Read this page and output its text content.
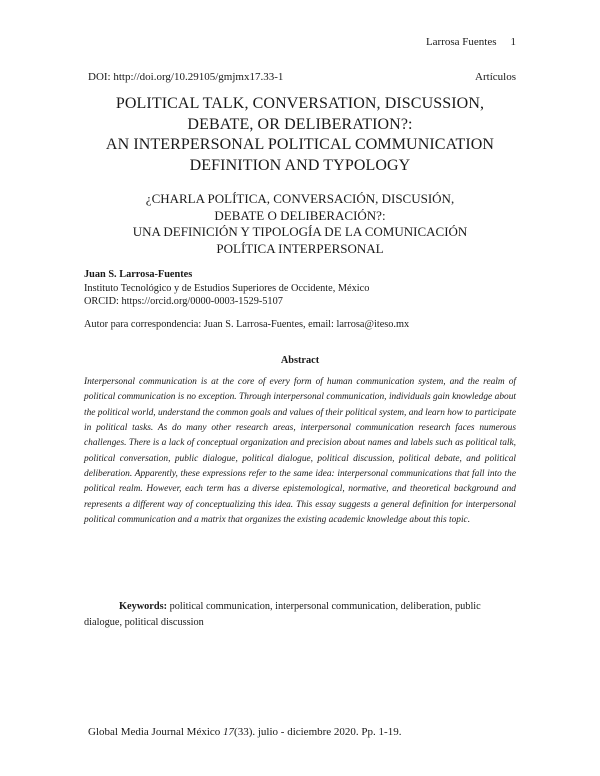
Larrosa Fuentes 1
DOI: http://doi.org/10.29105/gmjmx17.33-1	Artículos
POLITICAL TALK, CONVERSATION, DISCUSSION,
DEBATE, OR DELIBERATION?:
AN INTERPERSONAL POLITICAL COMMUNICATION
DEFINITION AND TYPOLOGY
¿CHARLA POLÍTICA, CONVERSACIÓN, DISCUSIÓN,
DEBATE O DELIBERACIÓN?:
UNA DEFINICIÓN Y TIPOLOGÍA DE LA COMUNICACIÓN
POLÍTICA INTERPERSONAL
Juan S. Larrosa-Fuentes
Instituto Tecnológico y de Estudios Superiores de Occidente, México
ORCID: https://orcid.org/0000-0003-1529-5107
Autor para correspondencia: Juan S. Larrosa-Fuentes, email: larrosa@iteso.mx
Abstract
Interpersonal communication is at the core of every form of human communication system, and the realm of political communication is no exception. Through interpersonal communication, individuals gain knowledge about the political world, understand the common goals and values of their political system, and learn how to participate in political tasks. As do many other research areas, interpersonal communication research faces numerous challenges. There is a lack of conceptual organization and precision about names and labels such as political talk, political conversation, public dialogue, political dialogue, political discussion, political debate, and political deliberation. Apparently, these expressions refer to the same idea: interpersonal communications that fall into the political realm. However, each term has a diverse epistemological, normative, and theoretical background and represents a different way of conceptualizing this idea. This essay suggests a general definition for interpersonal political communication and a matrix that organizes the existing academic knowledge about this topic.
Keywords: political communication, interpersonal communication, deliberation, public dialogue, political discussion
Global Media Journal México 17(33). julio - diciembre 2020. Pp. 1-19.
